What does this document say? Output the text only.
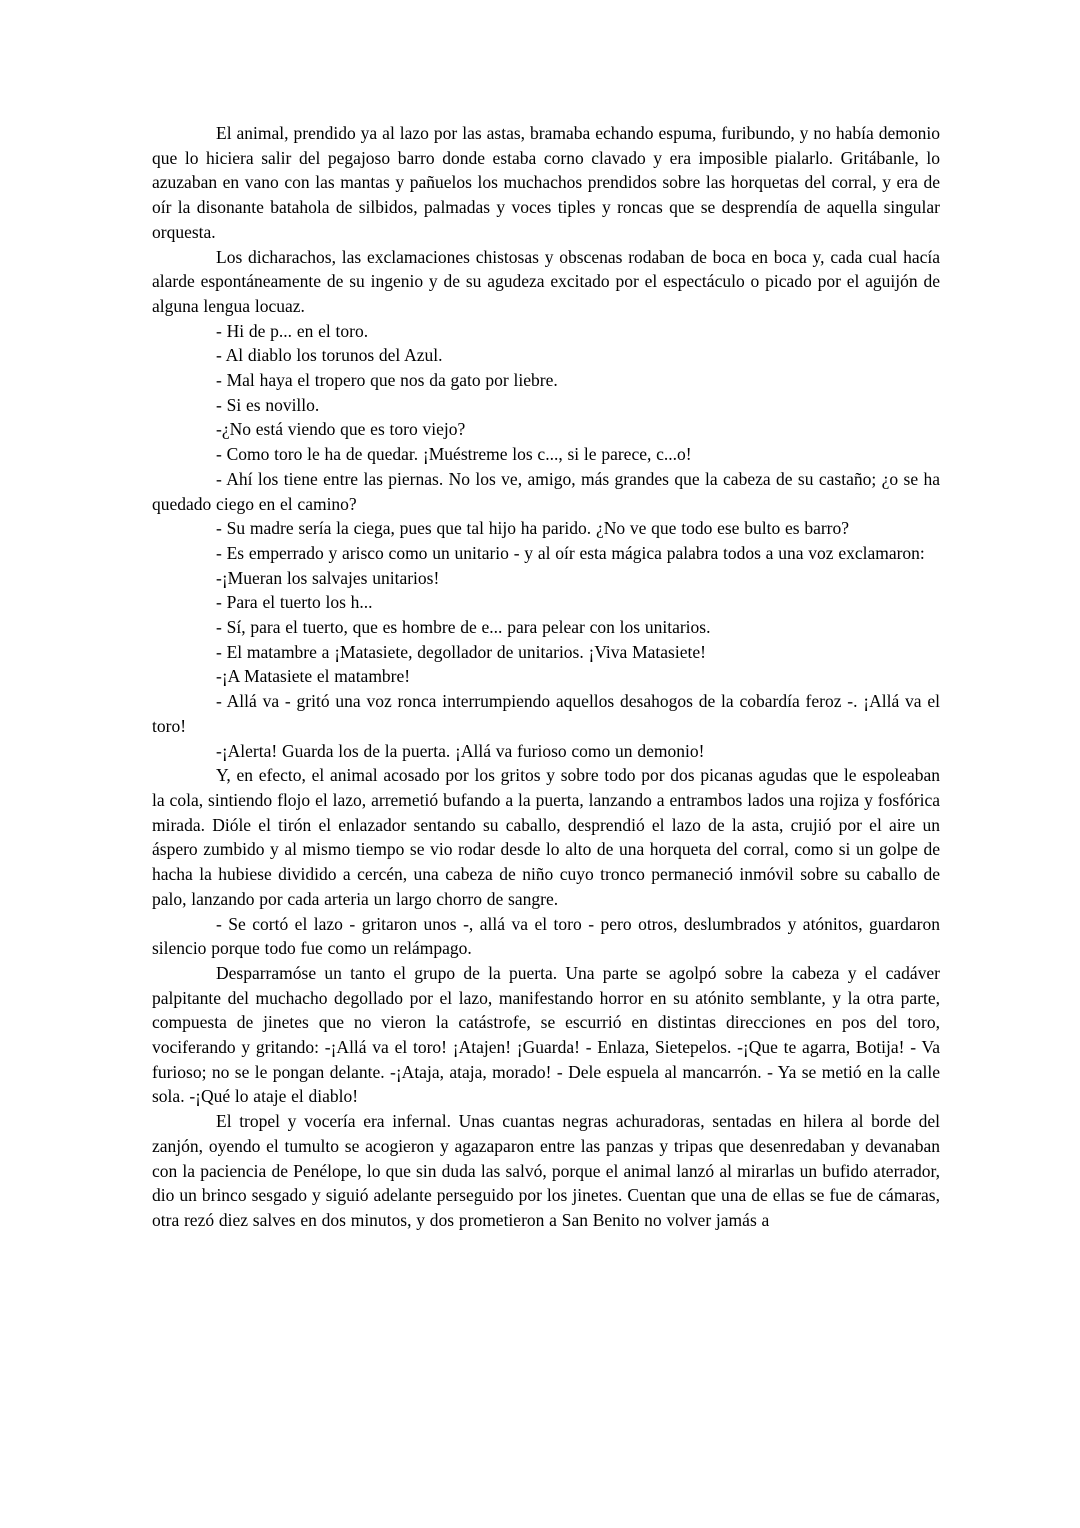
El animal, prendido ya al lazo por las astas, bramaba echando espuma, furibundo, y no había demonio que lo hiciera salir del pegajoso barro donde estaba corno clavado y era imposible pialarlo. Gritábanle, lo azuzaban en vano con las mantas y pañuelos los muchachos prendidos sobre las horquetas del corral, y era de oír la disonante batahola de silbidos, palmadas y voces tiples y roncas que se desprendía de aquella singular orquesta.

Los dicharachos, las exclamaciones chistosas y obscenas rodaban de boca en boca y, cada cual hacía alarde espontáneamente de su ingenio y de su agudeza excitado por el espectáculo o picado por el aguijón de alguna lengua locuaz.

- Hi de p... en el toro.

- Al diablo los torunos del Azul.

- Mal haya el tropero que nos da gato por liebre.

- Si es novillo.

-¿No está viendo que es toro viejo?

- Como toro le ha de quedar. ¡Muéstreme los c..., si le parece, c...o!

- Ahí los tiene entre las piernas. No los ve, amigo, más grandes que la cabeza de su castaño; ¿o se ha quedado ciego en el camino?

- Su madre sería la ciega, pues que tal hijo ha parido. ¿No ve que todo ese bulto es barro?

- Es emperrado y arisco como un unitario - y al oír esta mágica palabra todos a una voz exclamaron:

-¡Mueran los salvajes unitarios!

- Para el tuerto los h...

- Sí, para el tuerto, que es hombre de e... para pelear con los unitarios.

- El matambre a ¡Matasiete, degollador de unitarios. ¡Viva Matasiete!

-¡A Matasiete el matambre!

- Allá va - gritó una voz ronca interrumpiendo aquellos desahogos de la cobardía feroz -. ¡Allá va el toro!

-¡Alerta! Guarda los de la puerta. ¡Allá va furioso como un demonio!

Y, en efecto, el animal acosado por los gritos y sobre todo por dos picanas agudas que le espoleaban la cola, sintiendo flojo el lazo, arremetió bufando a la puerta, lanzando a entrambos lados una rojiza y fosfórica mirada. Dióle el tirón el enlazador sentando su caballo, desprendió el lazo de la asta, crujió por el aire un áspero zumbido y al mismo tiempo se vio rodar desde lo alto de una horqueta del corral, como si un golpe de hacha la hubiese dividido a cercén, una cabeza de niño cuyo tronco permaneció inmóvil sobre su caballo de palo, lanzando por cada arteria un largo chorro de sangre.

- Se cortó el lazo - gritaron unos -, allá va el toro - pero otros, deslumbrados y atónitos, guardaron silencio porque todo fue como un relámpago.

Desparramóse un tanto el grupo de la puerta. Una parte se agolpó sobre la cabeza y el cadáver palpitante del muchacho degollado por el lazo, manifestando horror en su atónito semblante, y la otra parte, compuesta de jinetes que no vieron la catástrofe, se escurrió en distintas direcciones en pos del toro, vociferando y gritando: -¡Allá va el toro! ¡Atajen! ¡Guarda! - Enlaza, Sietepelos. -¡Que te agarra, Botija! - Va furioso; no se le pongan delante. -¡Ataja, ataja, morado! - Dele espuela al mancarrón. - Ya se metió en la calle sola. -¡Qué lo ataje el diablo!

El tropel y vocería era infernal. Unas cuantas negras achuradoras, sentadas en hilera al borde del zanjón, oyendo el tumulto se acogieron y agazaparon entre las panzas y tripas que desenredaban y devanaban con la paciencia de Penélope, lo que sin duda las salvó, porque el animal lanzó al mirarlas un bufido aterrador, dio un brinco sesgado y siguió adelante perseguido por los jinetes. Cuentan que una de ellas se fue de cámaras, otra rezó diez salves en dos minutos, y dos prometieron a San Benito no volver jamás a
